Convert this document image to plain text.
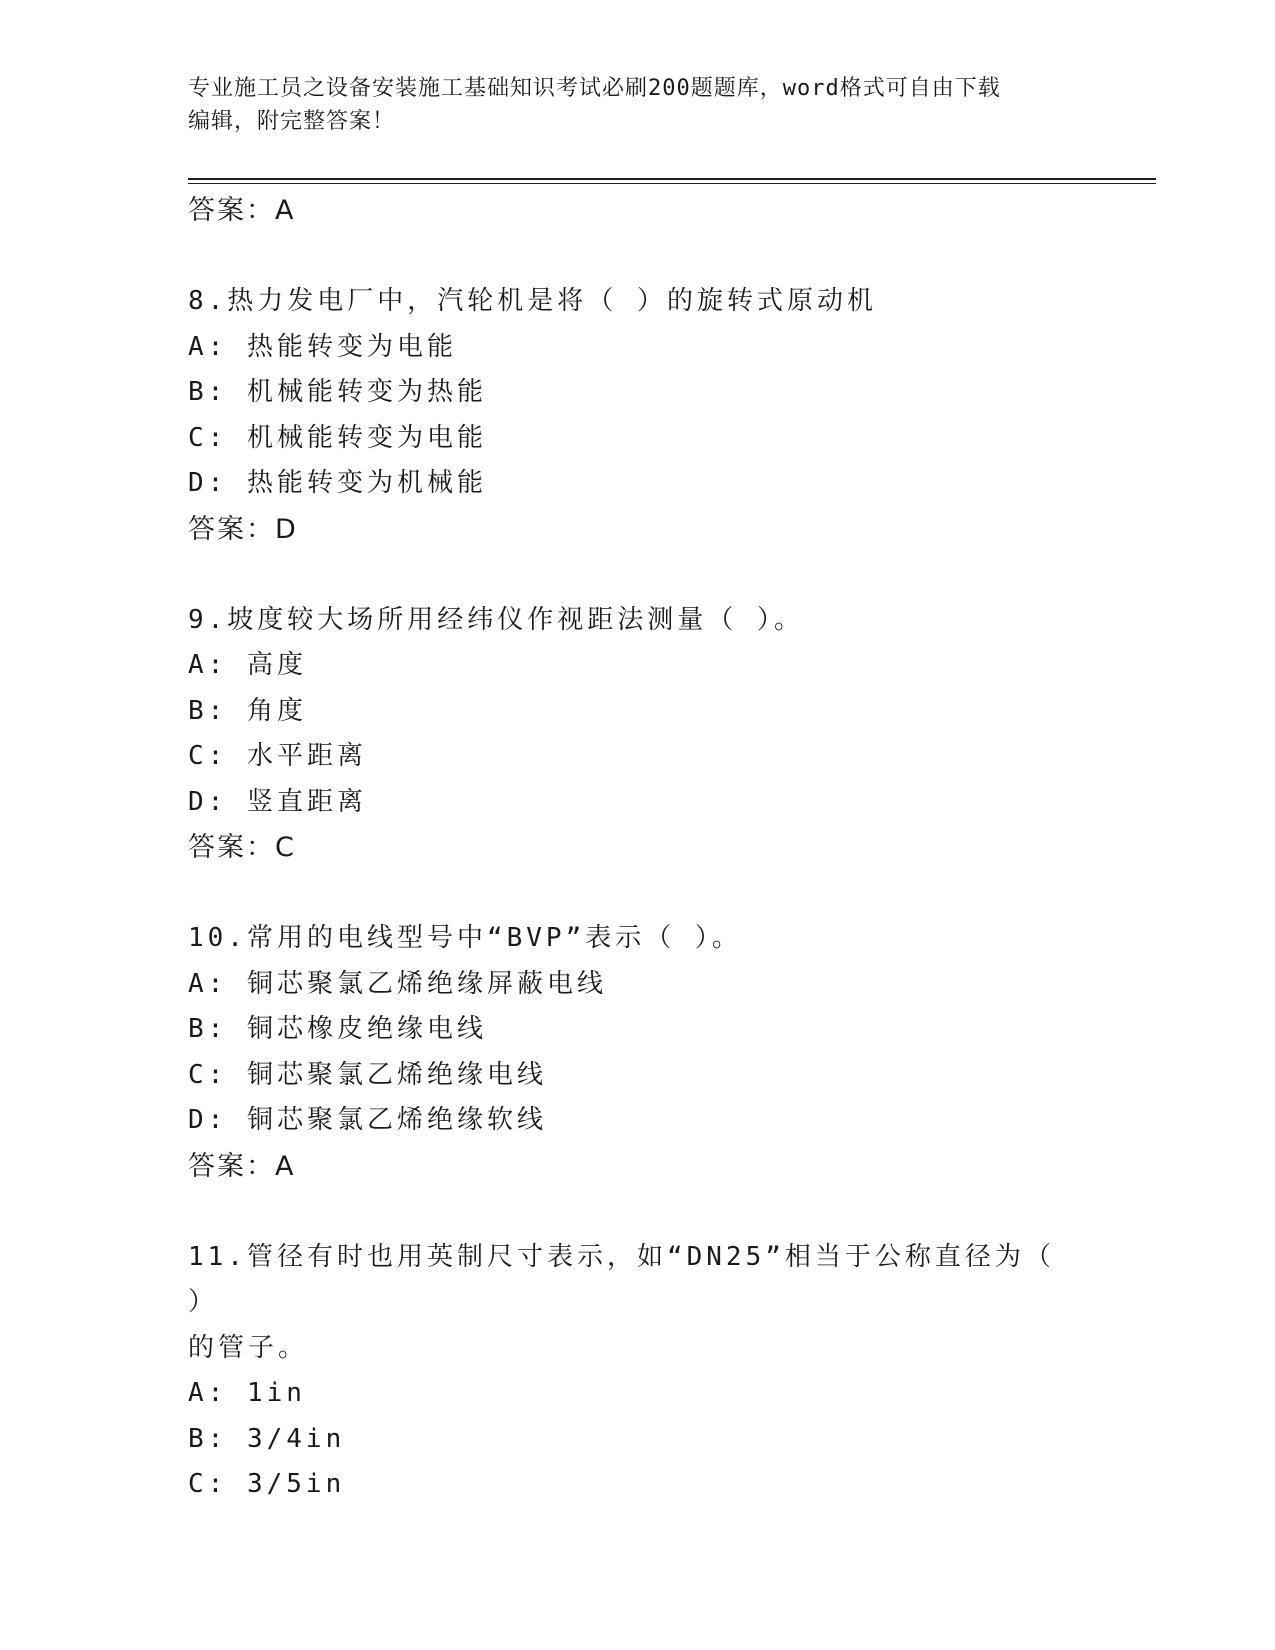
专业施工员之设备安装施工基础知识考试必刷200题题库，word格式可自由下载
编辑，附完整答案！

答案：A

8.热力发电厂中，汽轮机是将（ ）的旋转式原动机

A: 热能转变为电能

B: 机械能转变为热能

C: 机械能转变为电能

D: 热能转变为机械能

答案：D

9.坡度较大场所用经纬仪作视距法测量（ ）。

A: 高度

B: 角度

C: 水平距离

D: 竖直距离

答案：C

10.常用的电线型号中“BVP”表示（ ）。

A: 铜芯聚氯乙烯绝缘屏蔽电线

B: 铜芯橡皮绝缘电线

C: 铜芯聚氯乙烯绝缘电线

D: 铜芯聚氯乙烯绝缘软线

答案：A

11.管径有时也用英制尺寸表示，如“DN25”相当于公称直径为（ ）

的管子。

A: 1in

B: 3/4in

C: 3/5in
